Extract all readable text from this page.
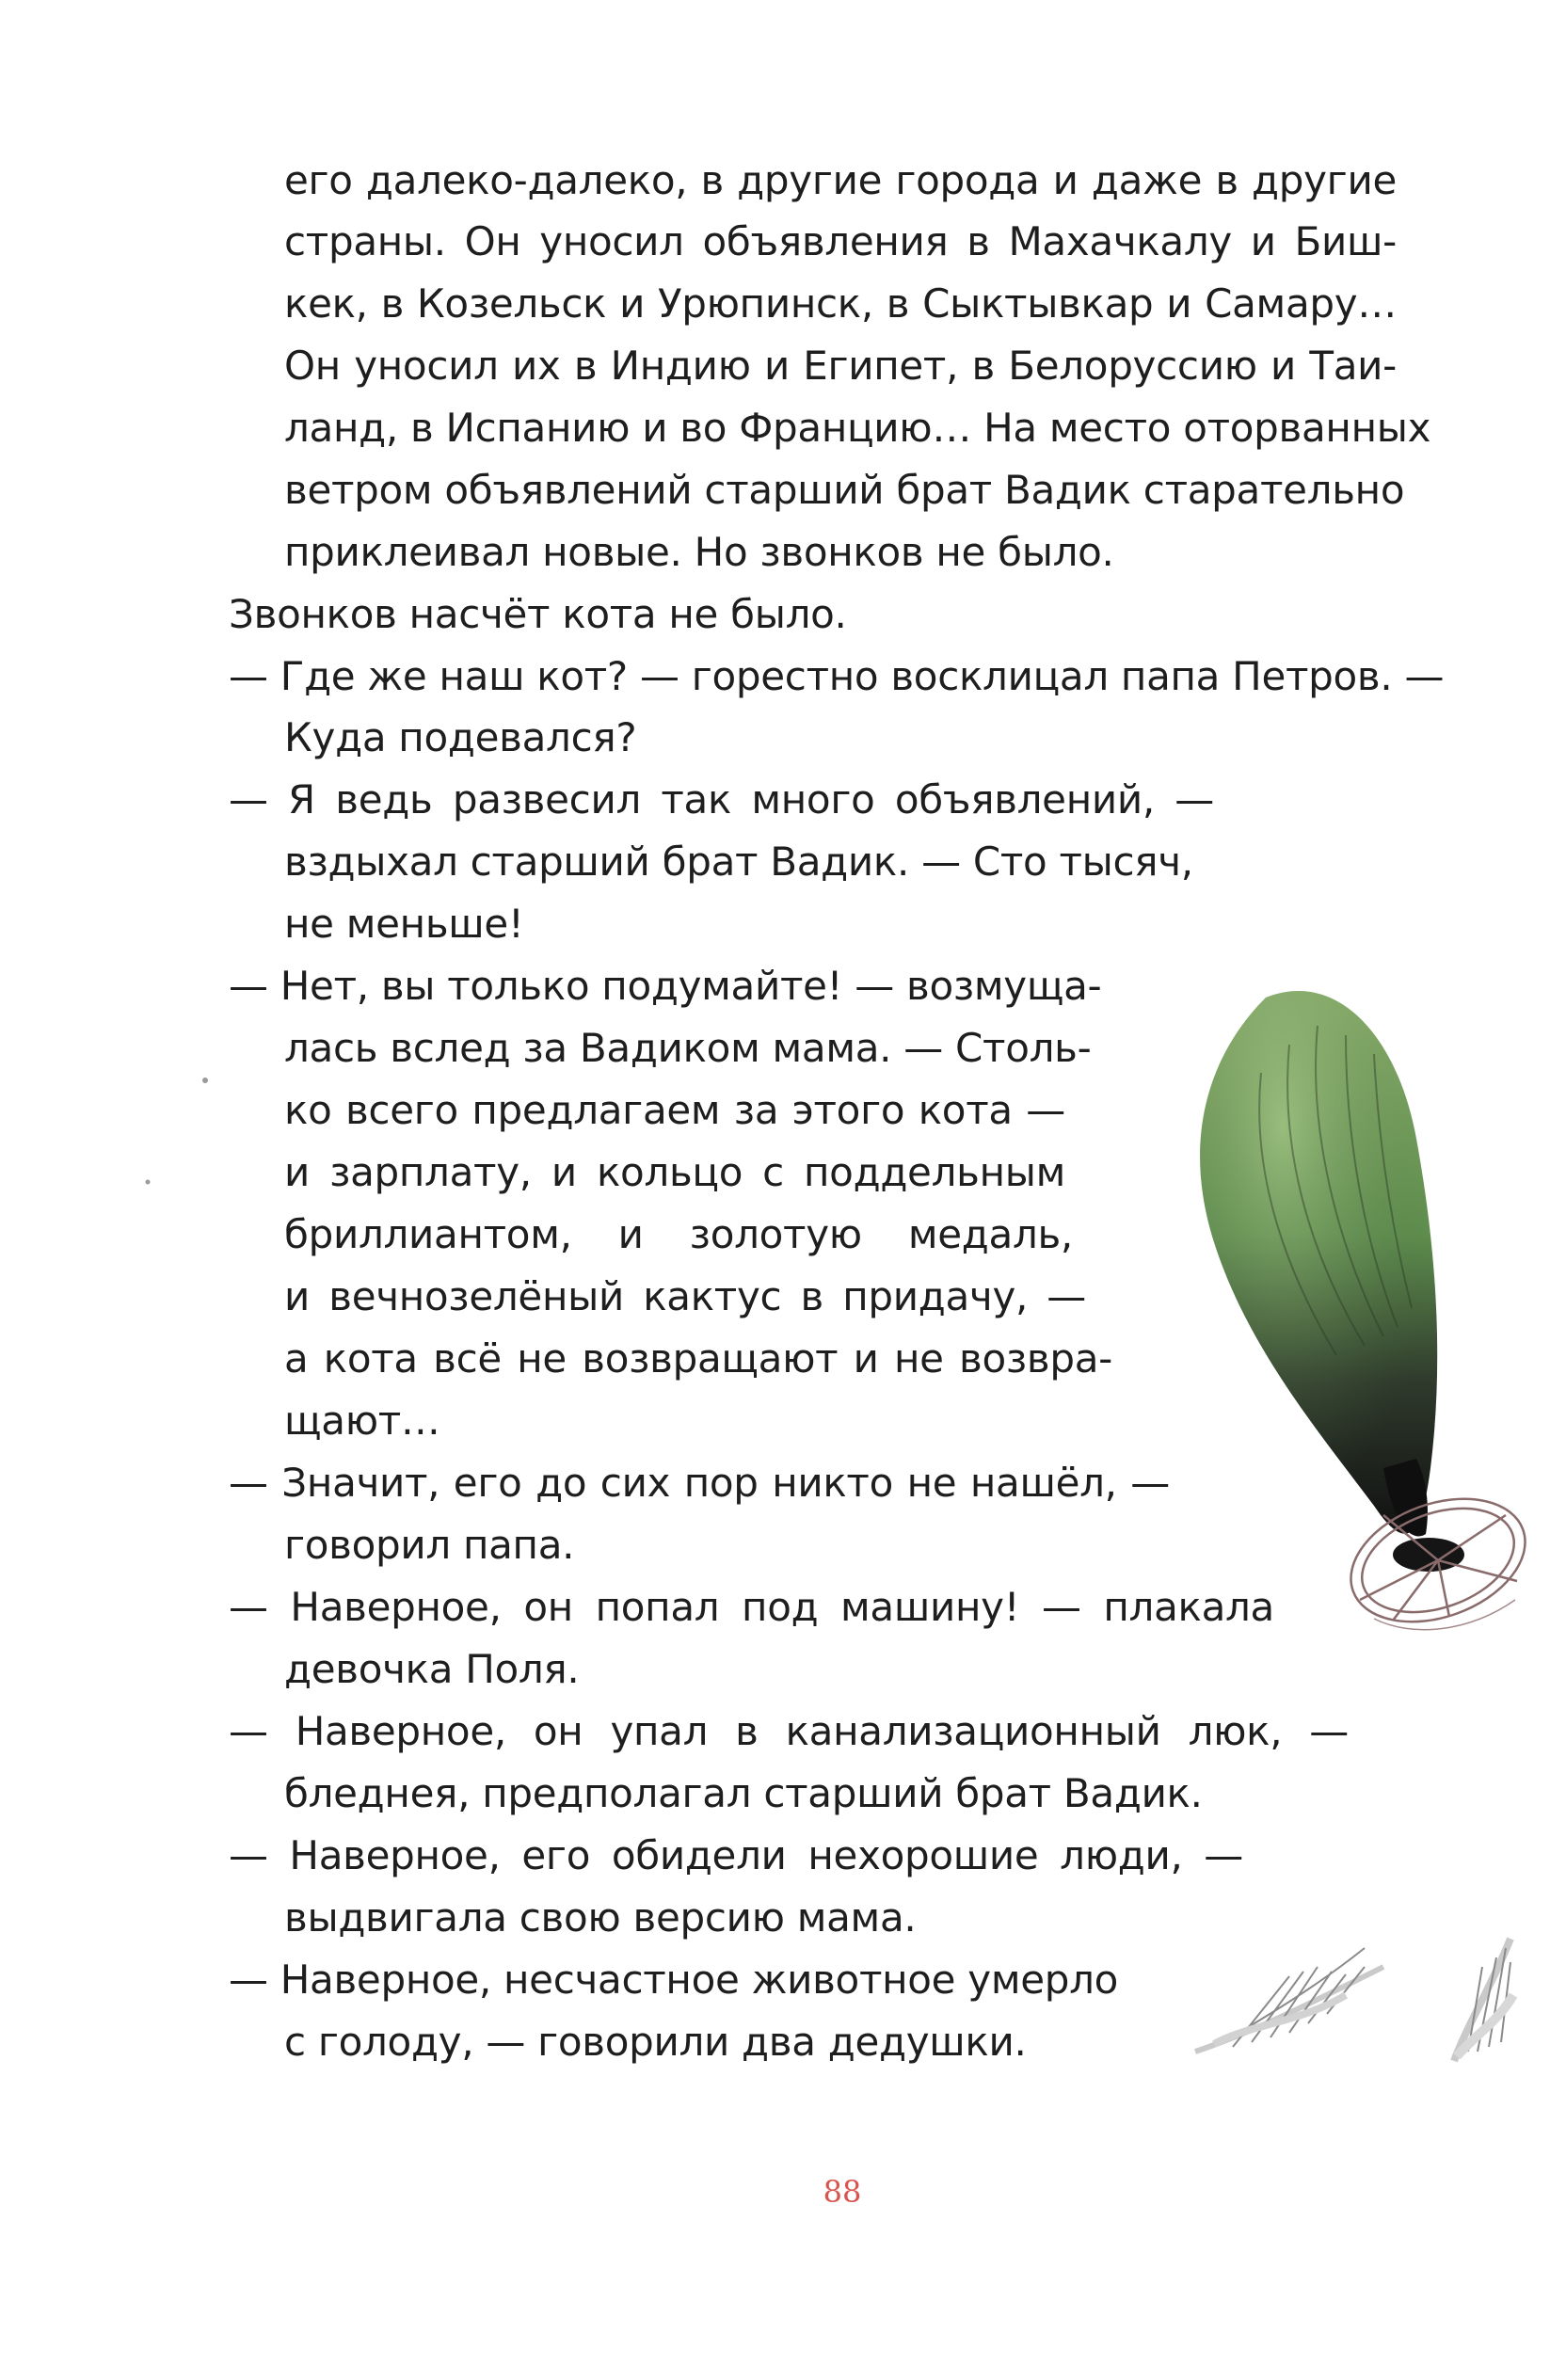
его далеко-далеко, в другие города и даже в другие
страны. Он уносил объявления в Махачкалу и Биш-
кек, в Козельск и Урюпинск, в Сыктывкар и Самару…
Он уносил их в Индию и Египет, в Белоруссию и Таи-
ланд, в Испанию и во Францию… На место оторванных
ветром объявлений старший брат Вадик старательно
приклеивал новые. Но звонков не было.
Звонков насчёт кота не было.
— Где же наш кот? — горестно восклицал папа Петров. —
Куда подевался?
— Я ведь развесил так много объявлений, —
вздыхал старший брат Вадик. — Сто тысяч,
не меньше!
— Нет, вы только подумайте! — возмуща-
лась вслед за Вадиком мама. — Столь-
ко всего предлагаем за этого кота —
и зарплату, и кольцо с поддельным
бриллиантом, и золотую медаль,
и вечнозелёный кактус в придачу, —
а кота всё не возвращают и не возвра-
щают…
— Значит, его до сих пор никто не нашёл, —
говорил папа.
— Наверное, он попал под машину! — плакала
девочка Поля.
— Наверное, он упал в канализационный люк, —
бледнея, предполагал старший брат Вадик.
— Наверное, его обидели нехорошие люди, —
выдвигала свою версию мама.
— Наверное, несчастное животное умерло
с голоду, — говорили два дедушки.
88
